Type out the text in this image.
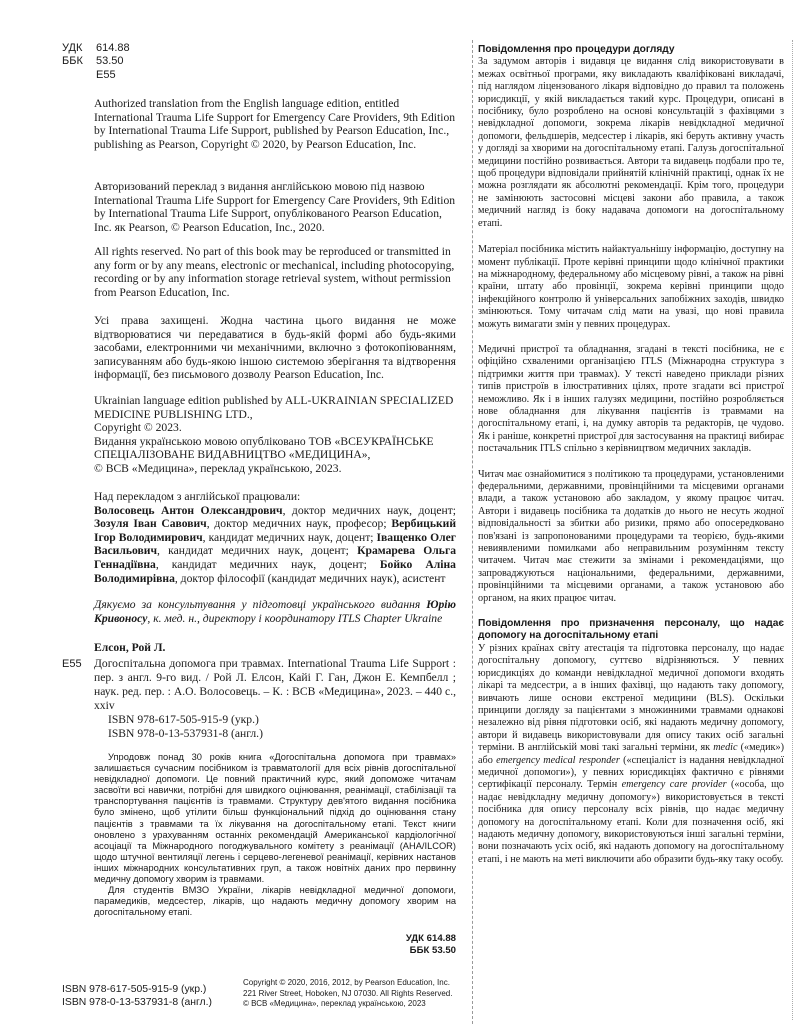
УДК	614.88
ББК	53.50
Е55
Authorized translation from the English language edition, entitled International Trauma Life Support for Emergency Care Providers, 9th Edition by International Trauma Life Support, published by Pearson Education, Inc., publishing as Pearson, Copyright © 2020, by Pearson Education, Inc.
Авторизований переклад з видання англійською мовою під назвою International Trauma Life Support for Emergency Care Providers, 9th Edition by International Trauma Life Support, опублікованого Pearson Education, Inc. як Pearson, © Pearson Education, Inc., 2020.
All rights reserved. No part of this book may be reproduced or transmitted in any form or by any means, electronic or mechanical, including photocopying, recording or by any information storage retrieval system, without permission from Pearson Education, Inc.
Усі права захищені. Жодна частина цього видання не може відтворюватися чи передаватися в будь-якій формі або будь-якими засобами, електронними чи механічними, включно з фотокопіюванням, записуванням або будь-якою іншою системою зберігання та відтворення інформації, без письмового дозволу Pearson Education, Inc.
Ukrainian language edition published by ALL-UKRAINIAN SPECIALIZED MEDICINE PUBLISHING LTD.,
Copyright © 2023.
Видання українською мовою опубліковано ТОВ «ВСЕУКРАЇНСЬКЕ СПЕЦІАЛІЗОВАНЕ ВИДАВНИЦТВО «МЕДИЦИНА»,
© ВСВ «Медицина», переклад українською, 2023.
Над перекладом з англійської працювали:
Волосовець Антон Олександрович, доктор медичних наук, доцент; Зозуля Іван Савович, доктор медичних наук, професор; Вербицький Ігор Володимирович, кандидат медичних наук, доцент; Іващенко Олег Васильович, кандидат медичних наук, доцент; Крамарева Ольга Геннадіївна, кандидат медичних наук, доцент; Бойко Аліна Володимирівна, доктор філософії (кандидат медичних наук), асистент
Дякуємо за консультування у підготовці українського видання Юрію Кривоносу, к. мед. н., директору і координатору ITLS Chapter Ukraine
Елсон, Рой Л.
Е55 Догоспітальна допомога при травмах. International Trauma Life Support : пер. з англ. 9-го вид. / Рой Л. Елсон, Кайі Г. Ган, Джон Е. Кемпбелл ; наук. ред. пер. : А.О. Волосовець. – К. : ВСВ «Медицина», 2023. – 440 с., xxiv
ISBN 978-617-505-915-9 (укр.)
ISBN 978-0-13-537931-8 (англ.)

Упродовж понад 30 років книга «Догоспітальна допомога при травмах» залишається сучасним посібником із травматології для всіх рівнів догоспітальної невідкладної допомоги. Це повний практичний курс, який допоможе читачам засвоїти всі навички, потрібні для швидкого оцінювання, реанімації, стабілізації та транспортування пацієнтів із травмами. Структуру дев'ятого видання посібника було змінено, щоб утілити більш функціональний підхід до оцінювання стану пацієнтів з травмами та їх лікування на догоспітальному етапі. Текст книги оновлено з урахуванням останніх рекомендацій Американської кардіологічної асоціації та Міжнародного погоджувального комітету з реанімації (AHA/ILCOR) щодо штучної вентиляції легень і серцево-легеневої реанімації, керівних настанов інших міжнародних консультативних груп, а також новітніх даних про первинну медичну допомогу хворим із травмами.

Для студентів ВМЗО України, лікарів невідкладної медичної допомоги, парамедиків, медсестер, лікарів, що надають медичну допомогу хворим на догоспітальному етапі.

УДК 614.88
ББК 53.50
ISBN 978-617-505-915-9 (укр.)
ISBN 978-0-13-537931-8 (англ.)
Copyright © 2020, 2016, 2012, by Pearson Education, Inc.
221 River Street, Hoboken, NJ 07030. All Rights Reserved.
© ВСВ «Медицина», переклад українською, 2023

Повідомлення про процедури догляду
За задумом авторів і видавця це видання слід використовувати в межах освітньої програми, яку викладають кваліфіковані викладачі, під наглядом ліцензованого лікаря відповідно до правил та положень юрисдикції, у якій викладається такий курс. Процедури, описані в посібнику, було розроблено на основі консультацій з фахівцями з невідкладної допомоги, зокрема лікарів невідкладної медичної допомоги, фельдшерів, медсестер і лікарів, які беруть активну участь у догляді за хворими на догоспітальному етапі. Галузь догоспітальної медицини постійно розвивається. Автори та видавець подбали про те, щоб процедури відповідали прийнятій клінічній практиці, однак їх не можна розглядати як абсолютні рекомендації. Крім того, процедури не замінюють застосовні місцеві закони або правила, а також медичний нагляд із боку надавача допомоги на догоспітальному етапі.

Матеріал посібника містить найактуальнішу інформацію, доступну на момент публікації. Проте керівні принципи щодо клінічної практики на міжнародному, федеральному або місцевому рівні, а також на рівні країни, штату або провінції, зокрема керівні принципи щодо інфекційного контролю й універсальних запобіжних заходів, швидко змінюються. Тому читачам слід мати на увазі, що нові правила можуть вимагати змін у певних процедурах.

Медичні пристрої та обладнання, згадані в тексті посібника, не є офіційно схваленими організацією ITLS (Міжнародна структура з підтримки життя при травмах). У тексті наведено приклади різних типів пристроїв в ілюстративних цілях, проте згадати всі пристрої неможливо. Як і в інших галузях медицини, постійно розробляється нове обладнання для лікування пацієнтів із травмами на догоспітальному етапі, і, на думку авторів та редакторів, це чудово. Як і раніше, конкретні пристрої для застосування на практиці вибирає постачальник ITLS спільно з керівництвом медичних закладів.

Читач має ознайомитися з політикою та процедурами, установленими федеральними, державними, провінційними та місцевими органами влади, а також установою або закладом, у якому працює читач. Автори і видавець посібника та додатків до нього не несуть жодної відповідальності за збитки або ризики, прямо або опосередковано пов'язані із запропонованими процедурами та теорією, будь-якими невиявленими помилками або неправильним розумінням тексту читачем. Читач має стежити за змінами і рекомендаціями, що запроваджуються національними, федеральними, державними, провінційними та місцевими органами, а також установою або органом, на яких працює читач.

Повідомлення про призначення персоналу, що надає допомогу на догоспітальному етапі
У різних країнах світу атестація та підготовка персоналу, що надає догоспітальну допомогу, суттєво відрізняються. У певних юрисдикціях до команди невідкладної медичної допомоги входять лікарі та медсестри, а в інших фахівці, що надають таку допомогу, вивчають лише основи екстреної медицини (BLS). Оскільки принципи догляду за пацієнтами з множинними травмами однакові незалежно від рівня підготовки осіб, які надають медичну допомогу, автори й видавець використовували для опису таких осіб загальні терміни. В англійській мові такі загальні терміни, як medic («медик») або emergency medical responder («спеціаліст із надання невідкладної медичної допомоги»), у певних юрисдикціях фактично є рівнями сертифікації персоналу. Термін emergency care provider («особа, що надає невідкладну медичну допомогу») використовується в тексті посібника для опису персоналу всіх рівнів, що надає медичну допомогу на догоспітальному етапі. Коли для позначення осіб, які надають медичну допомогу, використовуються інші загальні терміни, вони позначають усіх осіб, які надають допомогу на догоспітальному етапі, і не мають на меті виключити або образити будь-яку таку особу.
